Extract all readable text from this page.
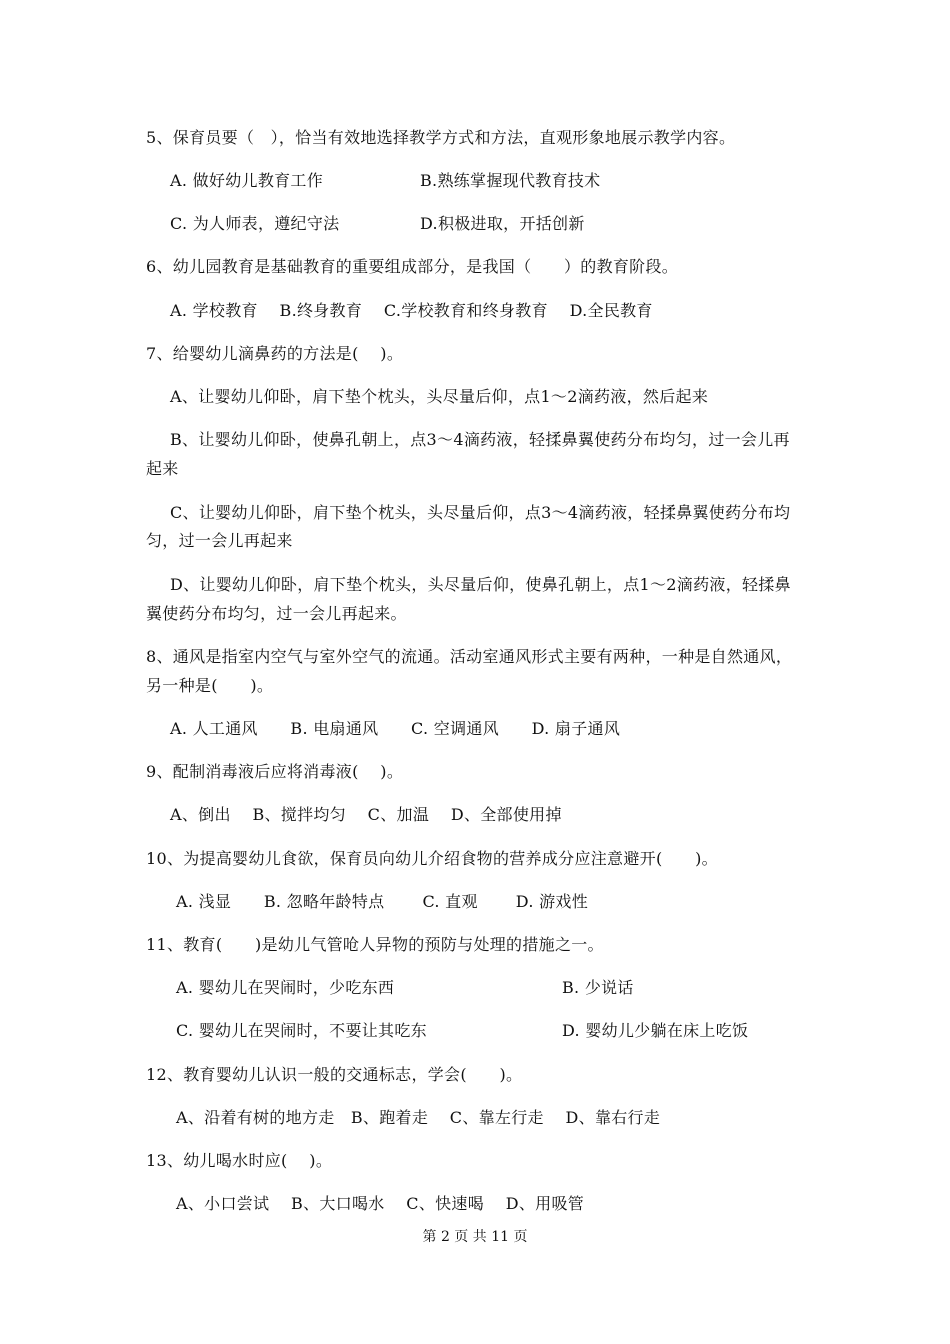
5、保育员要（　），恰当有效地选择教学方式和方法，直观形象地展示教学内容。
A. 做好幼儿教育工作	B.熟练掌握现代教育技术
C. 为人师表，遵纪守法	D.积极进取，开括创新
6、幼儿园教育是基础教育的重要组成部分，是我国（　　）的教育阶段。
A. 学校教育　 B.终身教育　 C.学校教育和终身教育　 D.全民教育
7、给婴幼儿滴鼻药的方法是(　 )。
A、让婴幼儿仰卧，肩下垫个枕头，头尽量后仰，点1～2滴药液，然后起来
B、让婴幼儿仰卧，使鼻孔朝上，点3～4滴药液，轻揉鼻翼使药分布均匀，过一会儿再
起来
C、让婴幼儿仰卧，肩下垫个枕头，头尽量后仰，点3～4滴药液，轻揉鼻翼使药分布均
匀，过一会儿再起来
D、让婴幼儿仰卧，肩下垫个枕头，头尽量后仰，使鼻孔朝上，点1～2滴药液，轻揉鼻
翼使药分布均匀，过一会儿再起来。
8、通风是指室内空气与室外空气的流通。活动室通风形式主要有两种，一种是自然通风，
另一种是(　　)。
A. 人工通风　　B. 电扇通风　　C. 空调通风　　D. 扇子通风
9、配制消毒液后应将消毒液(　 )。
A、倒出　 B、搅拌均匀　 C、加温　 D、全部使用掉
10、为提高婴幼儿食欲，保育员向幼儿介绍食物的营养成分应注意避开(　　)。
A. 浅显　　B. 忽略年龄特点　　 C. 直观　　 D. 游戏性
11、教育(　　)是幼儿气管呛人异物的预防与处理的措施之一。
A. 婴幼儿在哭闹时，少吃东西	B. 少说话
C. 婴幼儿在哭闹时，不要让其吃东	D. 婴幼儿少躺在床上吃饭
12、教育婴幼儿认识一般的交通标志，学会(　　)。
A、沿着有树的地方走　B、跑着走　 C、靠左行走　 D、靠右行走
13、幼儿喝水时应(　 )。
A、小口尝试　 B、大口喝水　 C、快速喝　 D、用吸管
第 2 页 共 11 页
